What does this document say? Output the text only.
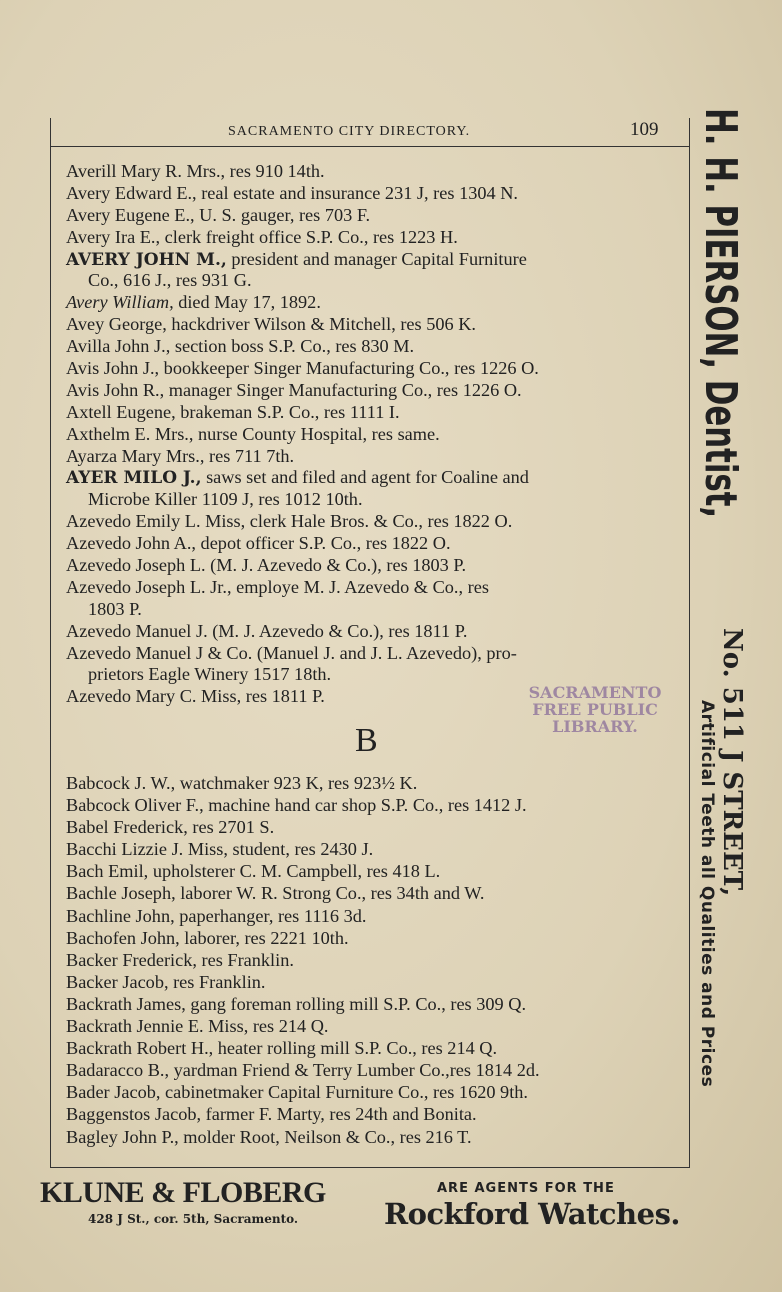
SACRAMENTO CITY DIRECTORY.	109
Averill Mary R. Mrs., res 910 14th.
Avery Edward E., real estate and insurance 231 J, res 1304 N.
Avery Eugene E., U. S. gauger, res 703 F.
Avery Ira E., clerk freight office S.P. Co., res 1223 H.
AVERY JOHN M., president and manager Capital Furniture
Co., 616 J., res 931 G.
Avery William, died May 17, 1892.
Avey George, hackdriver Wilson & Mitchell, res 506 K.
Avilla John J., section boss S.P. Co., res 830 M.
Avis John J., bookkeeper Singer Manufacturing Co., res 1226 O.
Avis John R., manager Singer Manufacturing Co., res 1226 O.
Axtell Eugene, brakeman S.P. Co., res 1111 I.
Axthelm E. Mrs., nurse County Hospital, res same.
Ayarza Mary Mrs., res 711 7th.
AYER MILO J., saws set and filed and agent for Coaline and
Microbe Killer 1109 J, res 1012 10th.
Azevedo Emily L. Miss, clerk Hale Bros. & Co., res 1822 O.
Azevedo John A., depot officer S.P. Co., res 1822 O.
Azevedo Joseph L. (M. J. Azevedo & Co.), res 1803 P.
Azevedo Joseph L. Jr., employe M. J. Azevedo & Co., res
1803 P.
Azevedo Manuel J. (M. J. Azevedo & Co.), res 1811 P.
Azevedo Manuel J & Co. (Manuel J. and J. L. Azevedo), pro-
prietors Eagle Winery 1517 18th.
Azevedo Mary C. Miss, res 1811 P.	SACRAMENTO
FREE PUBLIC
LIBRARY.
B
Babcock J. W., watchmaker 923 K, res 923½ K.
Babcock Oliver F., machine hand car shop S.P. Co., res 1412 J.
Babel Frederick, res 2701 S.
Bacchi Lizzie J. Miss, student, res 2430 J.
Bach Emil, upholsterer C. M. Campbell, res 418 L.
Bachle Joseph, laborer W. R. Strong Co., res 34th and W.
Bachline John, paperhanger, res 1116 3d.
Bachofen John, laborer, res 2221 10th.
Backer Frederick, res Franklin.
Backer Jacob, res Franklin.
Backrath James, gang foreman rolling mill S.P. Co., res 309 Q.
Backrath Jennie E. Miss, res 214 Q.
Backrath Robert H., heater rolling mill S.P. Co., res 214 Q.
Badaracco B., yardman Friend & Terry Lumber Co.,res 1814 2d.
Bader Jacob, cabinetmaker Capital Furniture Co., res 1620 9th.
Baggenstos Jacob, farmer F. Marty, res 24th and Bonita.
Bagley John P., molder Root, Neilson & Co., res 216 T.
H. H. PIERSON, Dentist,
No. 511 J STREET,
Artificial Teeth all Qualities and Prices
KLUNE & FLOBERG
428 J St., cor. 5th, Sacramento.
ARE AGENTS FOR THE
Rockford Watches.
